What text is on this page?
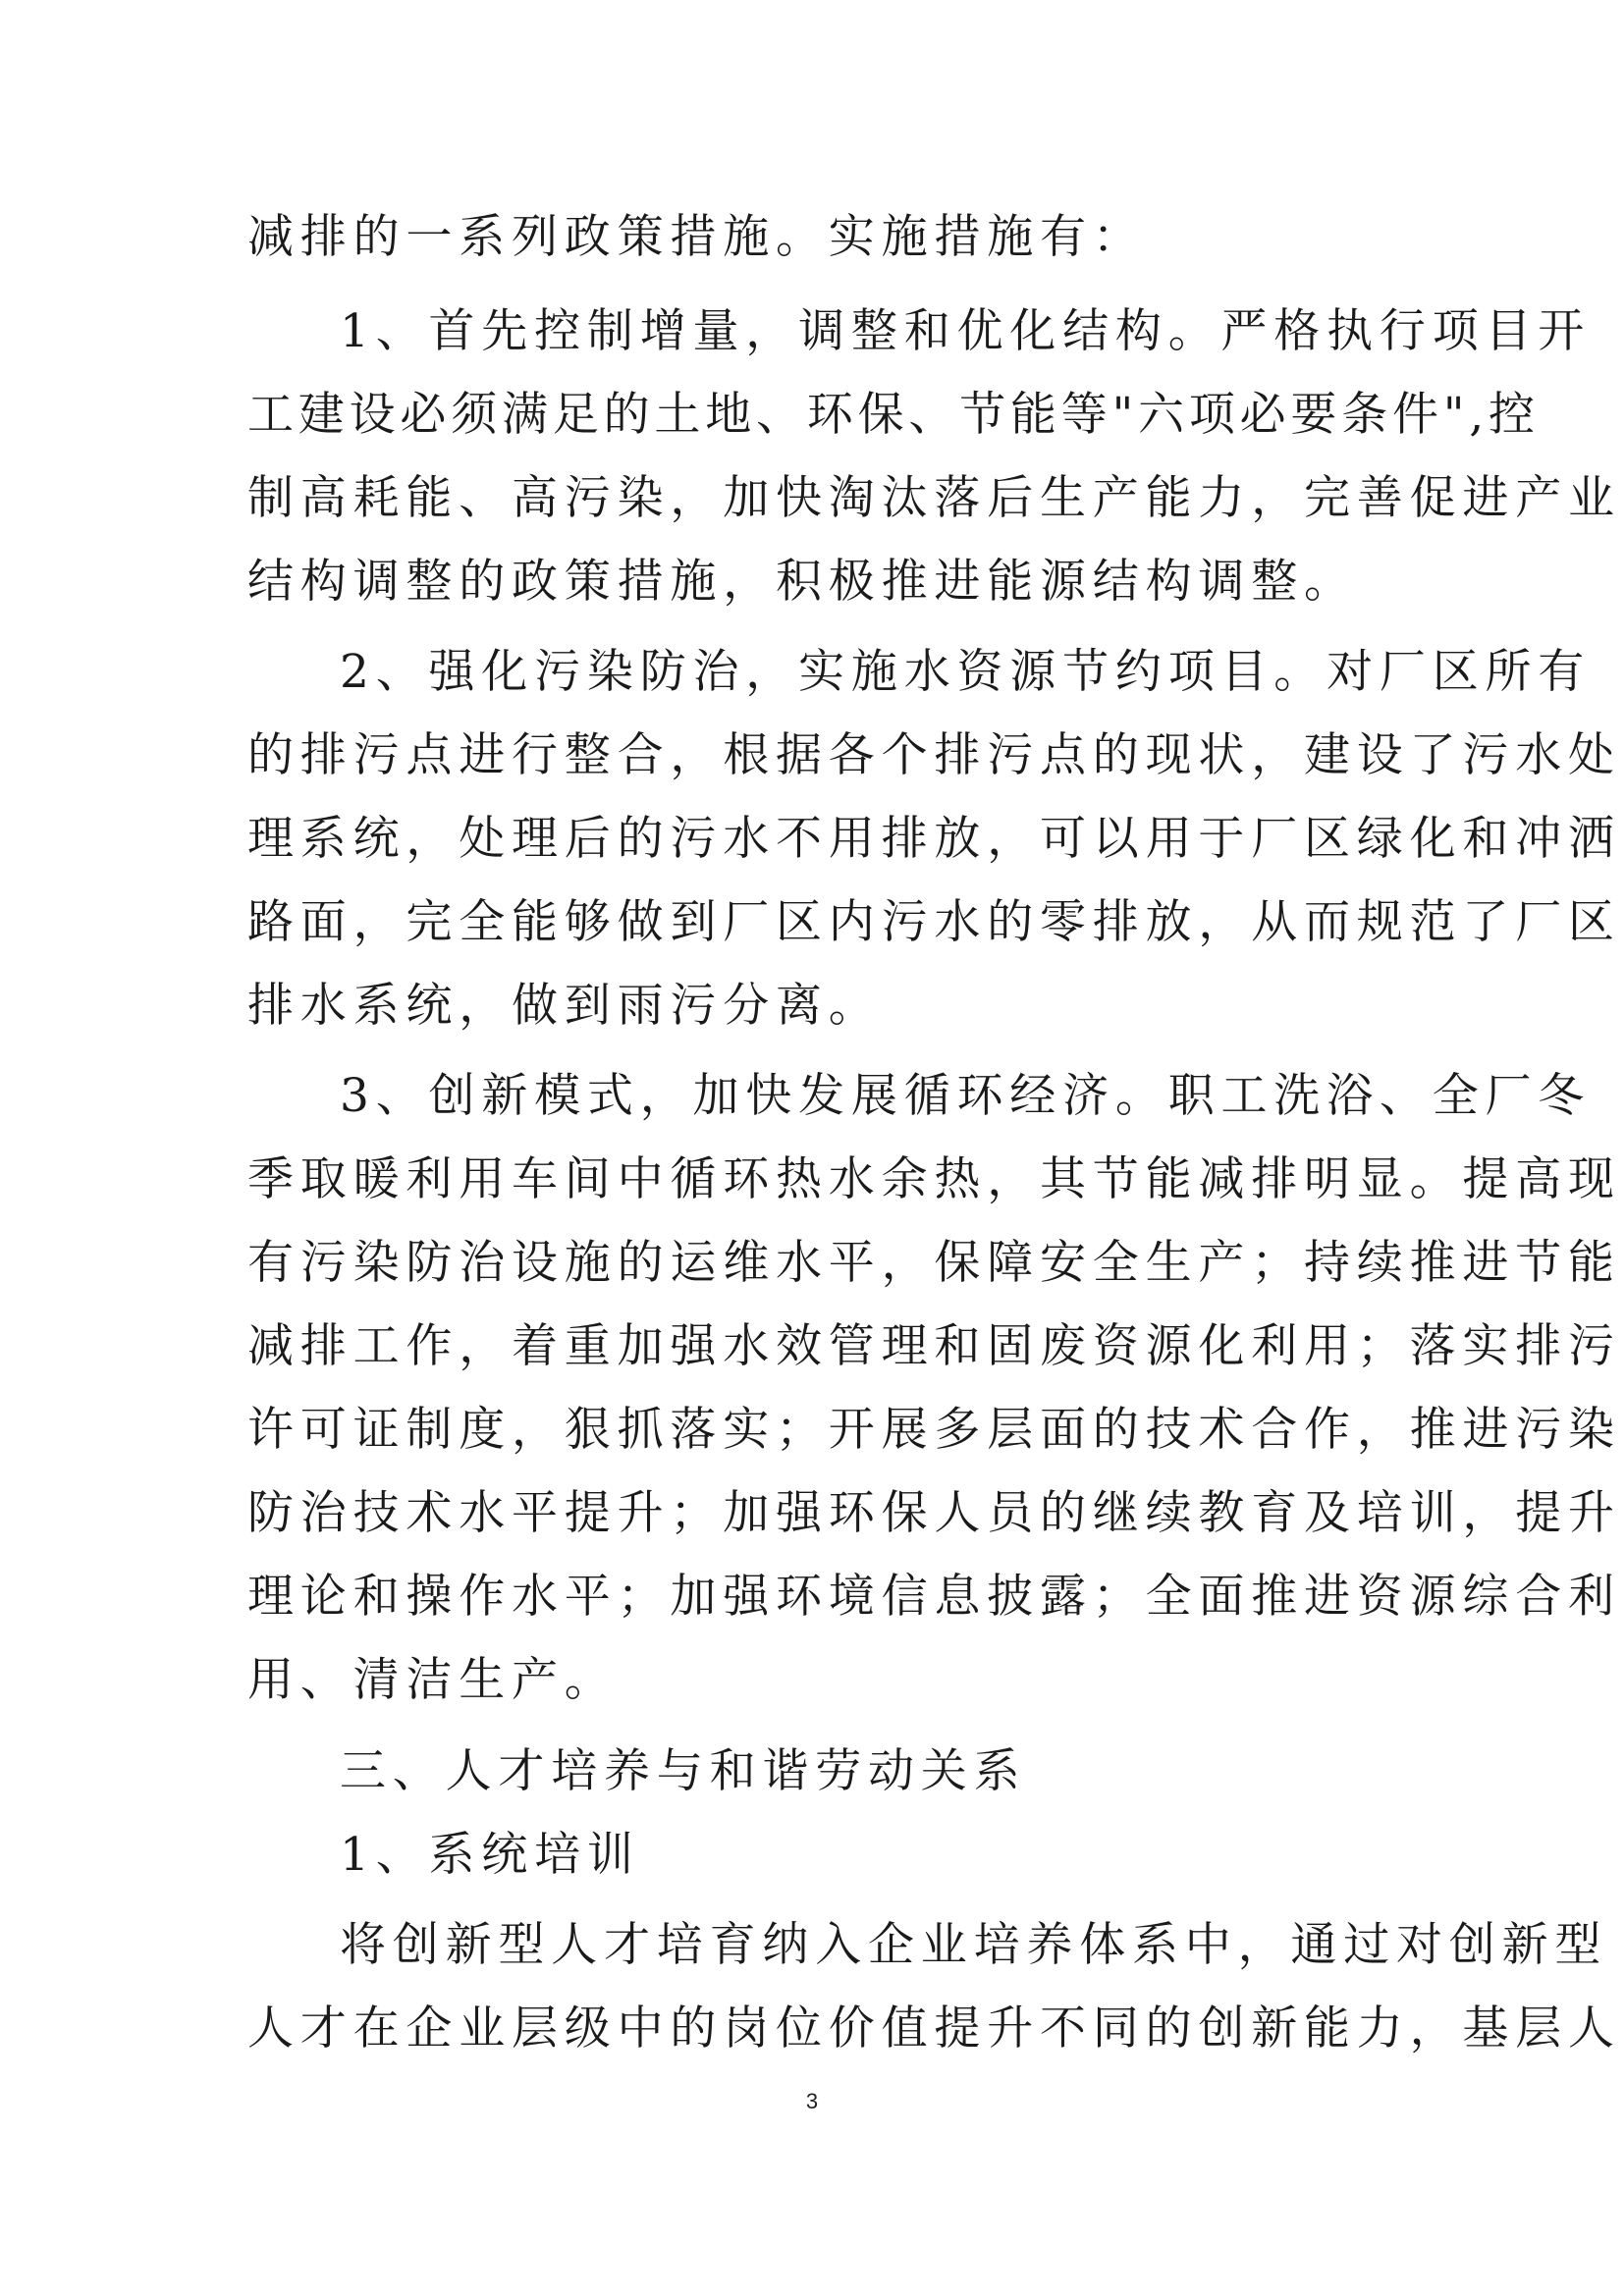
减排的一系列政策措施。实施措施有：
1、首先控制增量，调整和优化结构。严格执行项目开
工建设必须满足的土地、环保、节能等"六项必要条件",控
制高耗能、高污染，加快淘汰落后生产能力，完善促进产业
结构调整的政策措施，积极推进能源结构调整。
2、强化污染防治，实施水资源节约项目。对厂区所有
的排污点进行整合，根据各个排污点的现状，建设了污水处
理系统，处理后的污水不用排放，可以用于厂区绿化和冲洒
路面，完全能够做到厂区内污水的零排放，从而规范了厂区
排水系统，做到雨污分离。
3、创新模式，加快发展循环经济。职工洗浴、全厂冬
季取暖利用车间中循环热水余热，其节能减排明显。提高现
有污染防治设施的运维水平，保障安全生产；持续推进节能
减排工作，着重加强水效管理和固废资源化利用；落实排污
许可证制度，狠抓落实；开展多层面的技术合作，推进污染
防治技术水平提升；加强环保人员的继续教育及培训，提升
理论和操作水平；加强环境信息披露；全面推进资源综合利
用、清洁生产。
三、人才培养与和谐劳动关系
1、系统培训
将创新型人才培育纳入企业培养体系中，通过对创新型
人才在企业层级中的岗位价值提升不同的创新能力，基层人
3
